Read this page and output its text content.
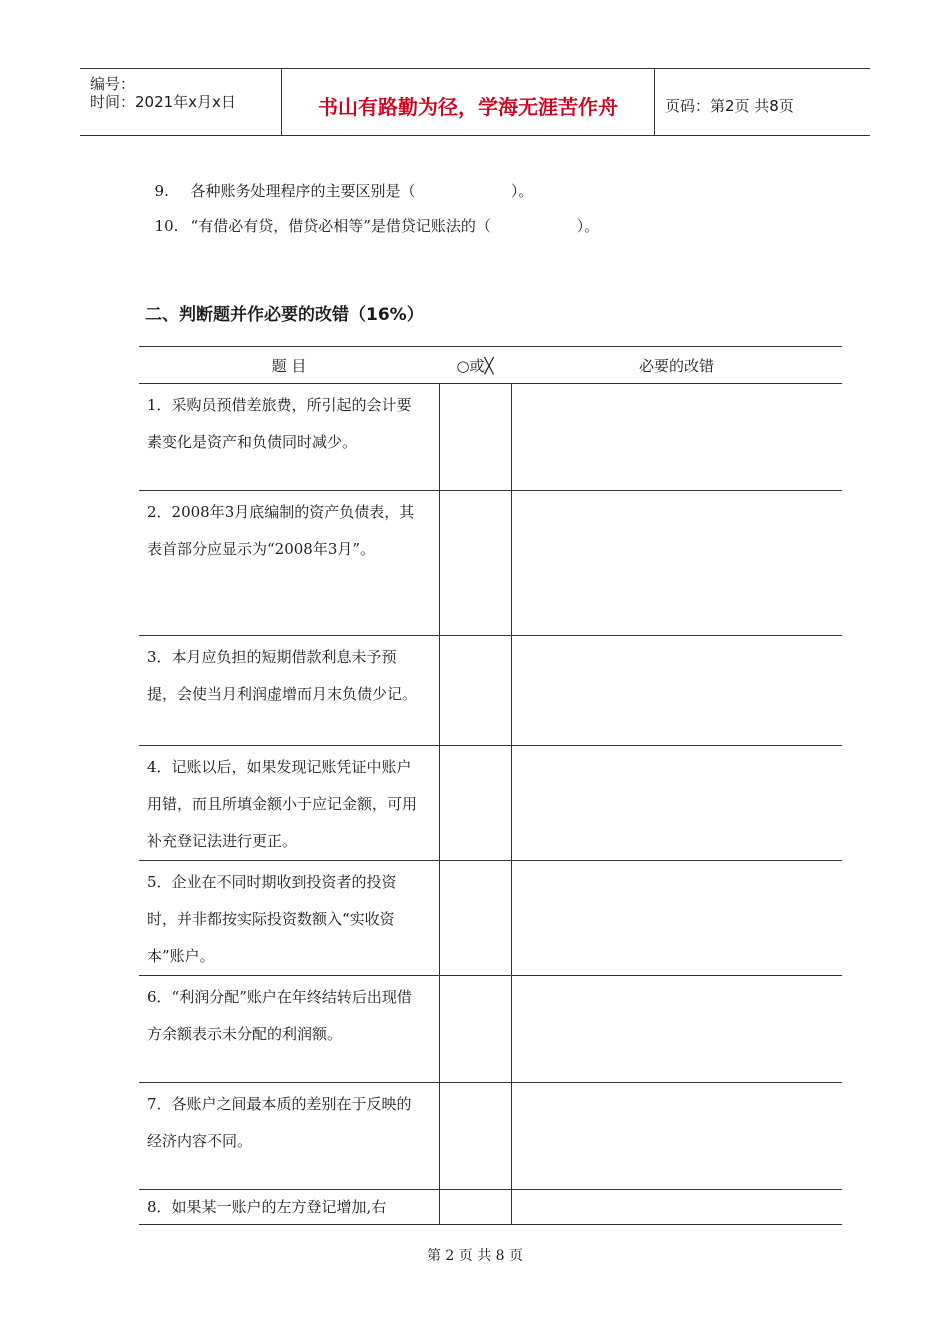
编号：
时间：2021年x月x日	书山有路勤为径，学海无涯苦作舟	页码：第2页 共8页

9. 各种账务处理程序的主要区别是（                    ）。

10. “有借必有贷，借贷必相等”是借贷记账法的（                  ）。

二、判断题并作必要的改错（16%）
题 目	○或╳	必要的改错

1．采购员预借差旅费，所引起的会计要素变化是资产和负债同时减少。		

2．2008年3月底编制的资产负债表，其表首部分应显示为“2008年3月”。		

3．本月应负担的短期借款利息未予预提，会使当月利润虚增而月末负债少记。		

4．记账以后，如果发现记账凭证中账户用错，而且所填金额小于应记金额，可用补充登记法进行更正。		

5．企业在不同时期收到投资者的投资时，并非都按实际投资数额入“实收资本”账户。		

6．“利润分配”账户在年终结转后出现借方余额表示未分配的利润额。		

7．各账户之间最本质的差别在于反映的经济内容不同。		

8．如果某一账户的左方登记增加,右		

第 2 页 共 8 页
